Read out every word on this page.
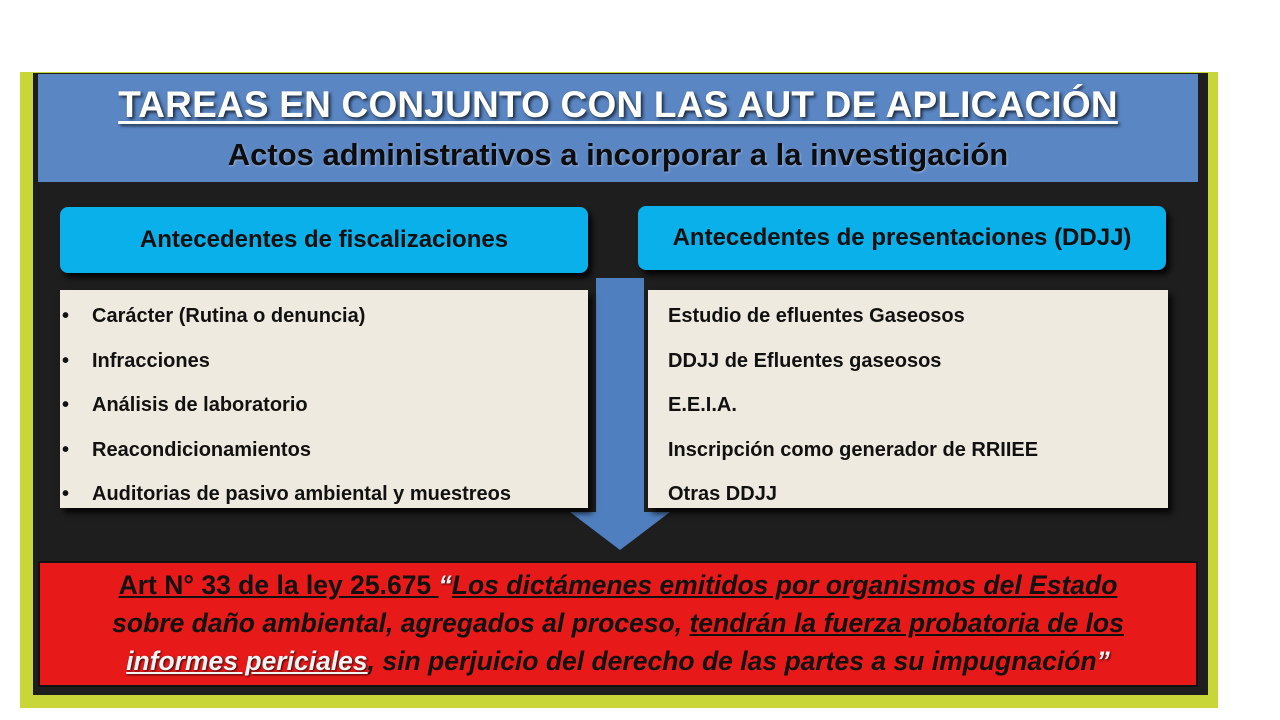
TAREAS EN CONJUNTO CON LAS AUT DE APLICACIÓN
Actos administrativos a incorporar a la investigación
Antecedentes de fiscalizaciones	Antecedentes de presentaciones (DDJJ)
• Carácter (Rutina o denuncia)
• Infracciones
• Análisis de laboratorio
• Reacondicionamientos
• Auditorias de pasivo ambiental y muestreos
Estudio de efluentes Gaseosos
DDJJ de Efluentes gaseosos
E.E.I.A.
Inscripción como generador de RRIIEE
Otras DDJJ
Art N° 33 de la ley 25.675 “Los dictámenes emitidos por organismos del Estado
sobre daño ambiental, agregados al proceso, tendrán la fuerza probatoria de los
informes periciales, sin perjuicio del derecho de las partes a su impugnación”
